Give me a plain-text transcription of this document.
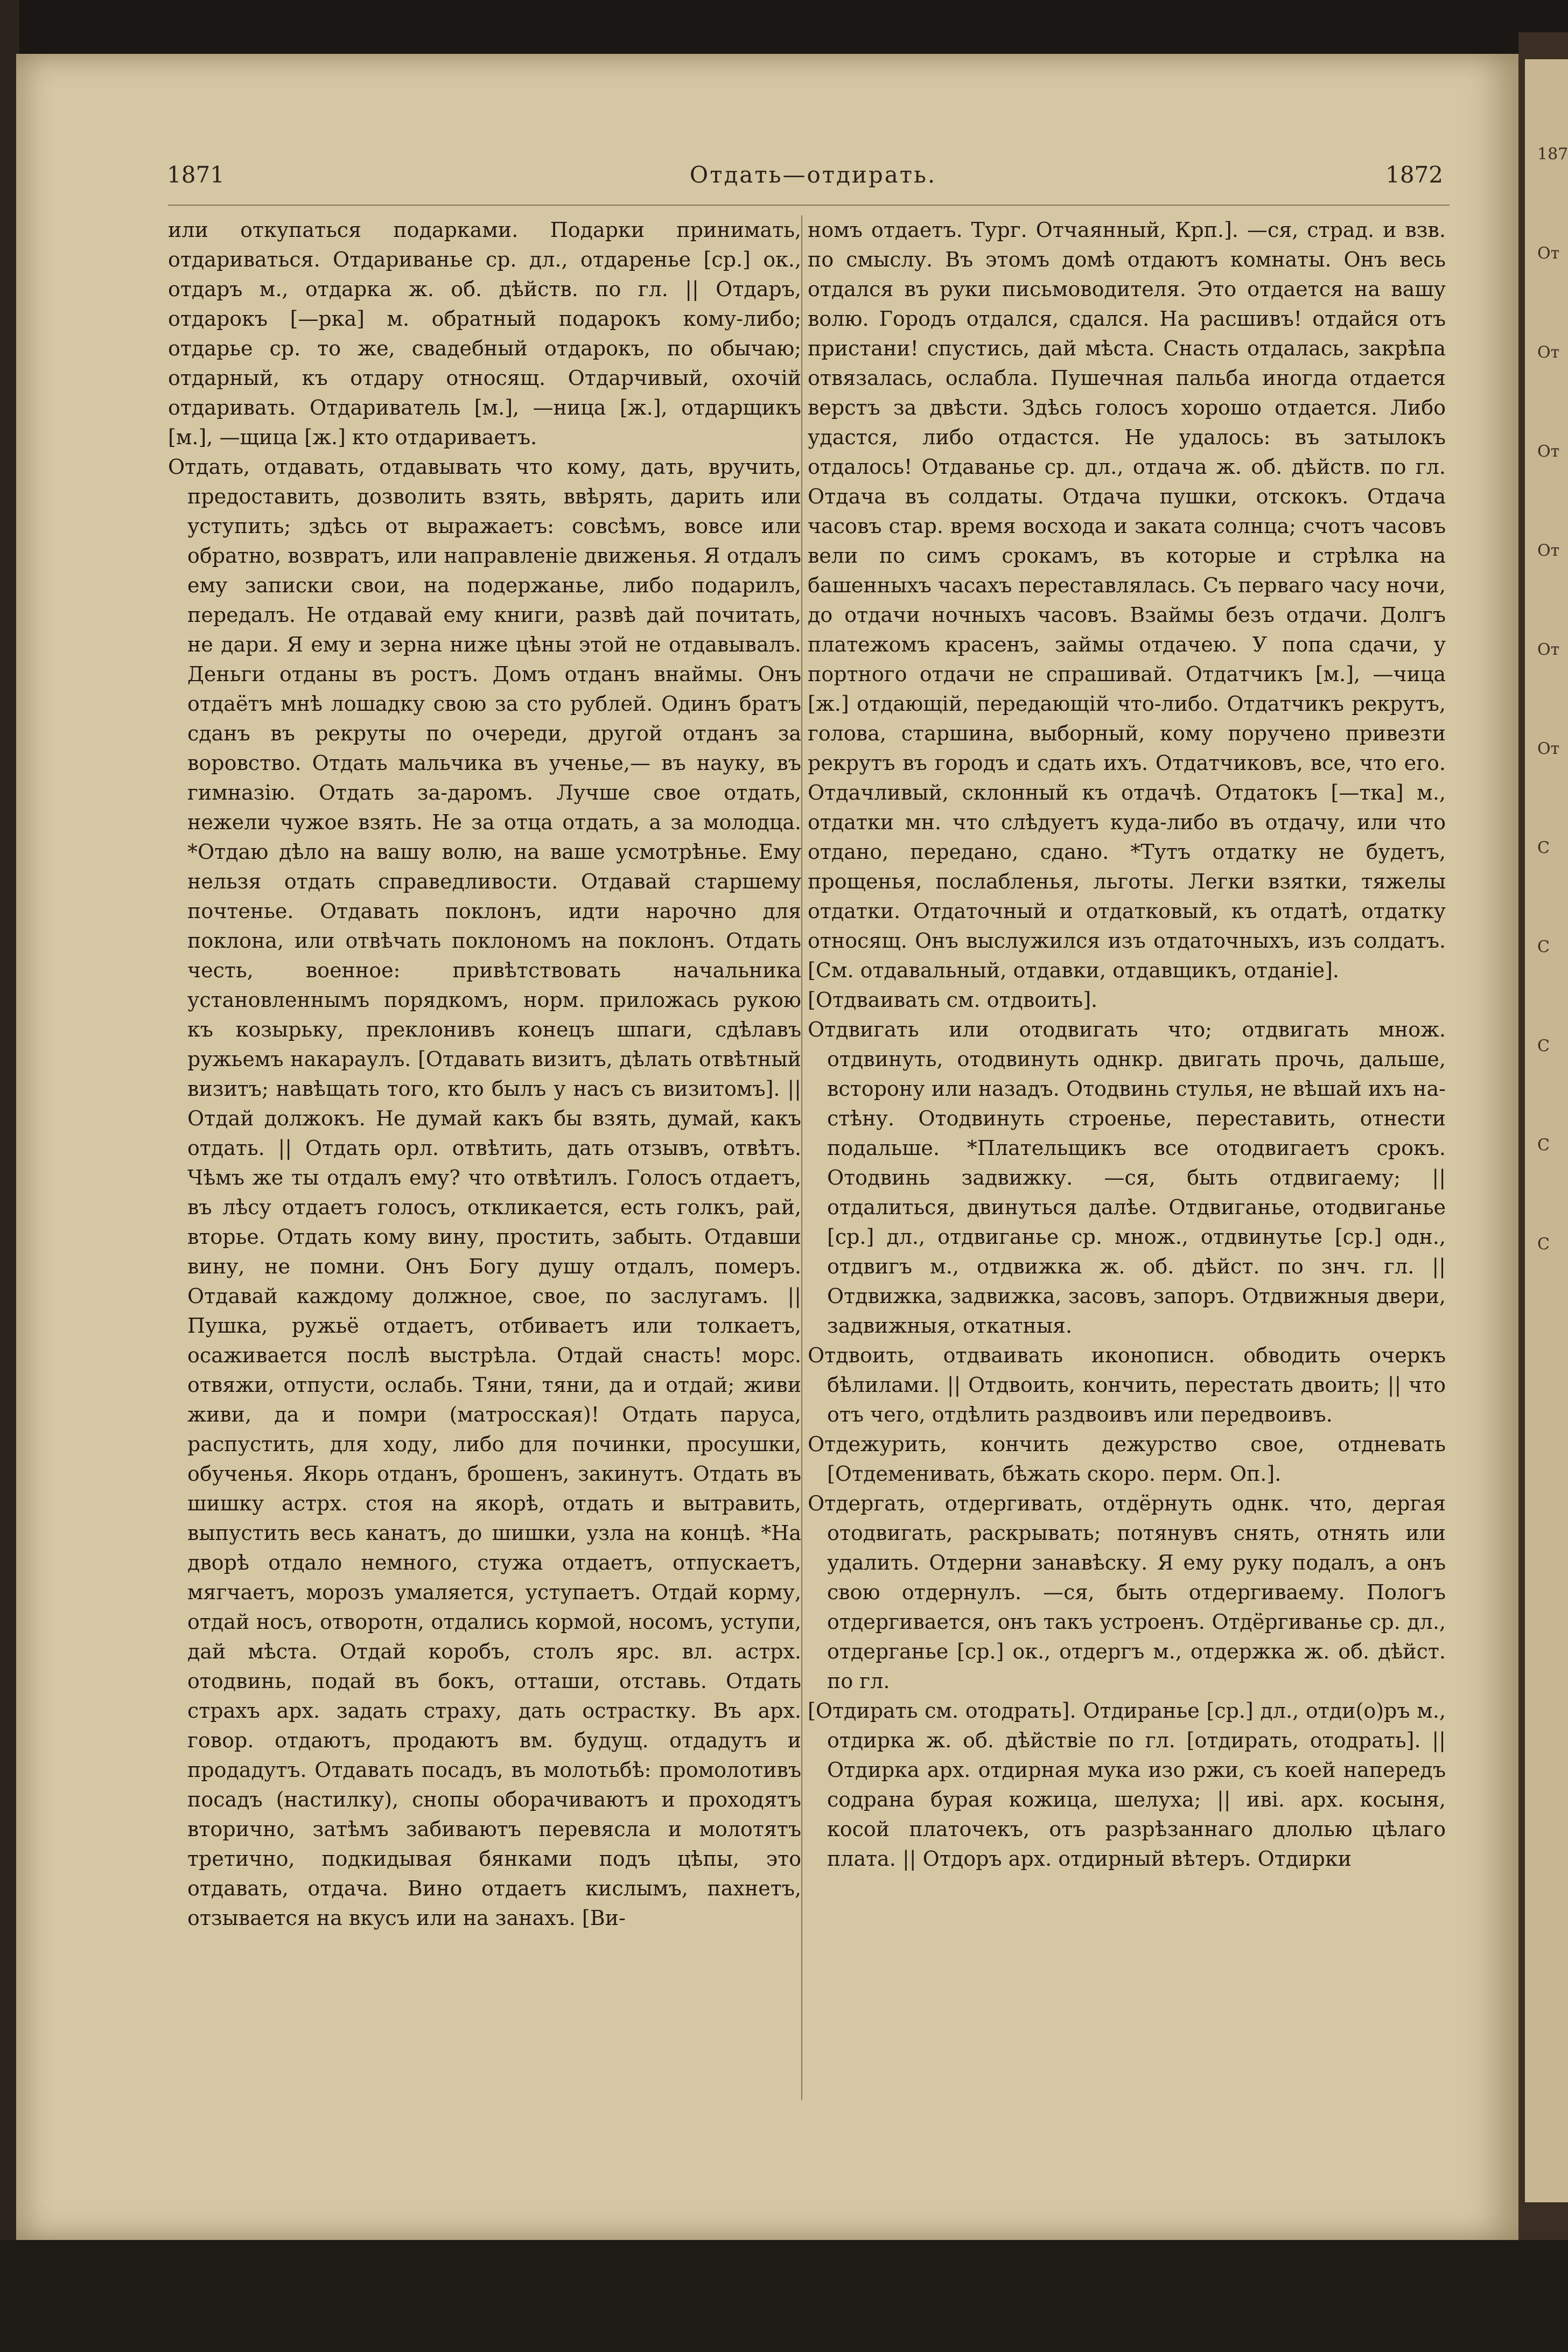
1871	Отдать—отдирать.	1872

или откупаться подарками. Подарки принимать, отдариваться. Отдариванье ср. дл., отдаренье [ср.] ок., отдаръ м., отдарка ж. об. дѣйств. по гл. || Отдаръ, отдарокъ [—рка] м. обратный подарокъ кому-либо; отдарье ср. то же, свадебный отдарокъ, по обычаю; отдарный, къ отдару относящ. Отдарчивый, охочій отдаривать. Отдариватель [м.], —ница [ж.], отдарщикъ [м.], —щица [ж.] кто отдариваетъ.

Отдать, отдавать, отдавывать что кому, дать, вручить, предоставить, дозволить взять, ввѣрять, дарить или уступить; здѣсь от выражаетъ: совсѣмъ, вовсе или обратно, возвратъ, или направленіе движенья. Я отдалъ ему записки свои, на подержанье, либо подарилъ, передалъ. Не отдавай ему книги, развѣ дай почитать, не дари. Я ему и зерна ниже цѣны этой не отдавывалъ. Деньги отданы въ ростъ. Домъ отданъ внаймы. Онъ отдаётъ мнѣ лошадку свою за сто рублей. Одинъ братъ сданъ въ рекруты по очереди, другой отданъ за воровство. Отдать мальчика въ ученье,— въ науку, въ гимназію. Отдать за-даромъ. Лучше свое отдать, нежели чужое взять. Не за отца отдать, а за молодца. *Отдаю дѣло на вашу волю, на ваше усмотрѣнье. Ему нельзя отдать справедливости. Отдавай старшему почтенье. Отдавать поклонъ, идти нарочно для поклона, или отвѣчать поклономъ на поклонъ. Отдать честь, военное: привѣтствовать начальника установленнымъ порядкомъ, норм. приложась рукою къ козырьку, преклонивъ конецъ шпаги, сдѣлавъ ружьемъ накараулъ. [Отдавать визитъ, дѣлать отвѣтный визитъ; навѣщать того, кто былъ у насъ съ визитомъ]. || Отдай должокъ. Не думай какъ бы взять, думай, какъ отдать. || Отдать орл. отвѣтить, дать отзывъ, отвѣтъ. Чѣмъ же ты отдалъ ему? что отвѣтилъ. Голосъ отдаетъ, въ лѣсу отдаетъ голосъ, откликается, есть голкъ, рай, вторье. Отдать кому вину, простить, забыть. Отдавши вину, не помни. Онъ Богу душу отдалъ, померъ. Отдавай каждому должное, свое, по заслугамъ. || Пушка, ружьё отдаетъ, отбиваетъ или толкаетъ, осаживается послѣ выстрѣла. Отдай снасть! морс. отвяжи, отпусти, ослабь. Тяни, тяни, да и отдай; живи живи, да и помри (матросская)! Отдать паруса, распустить, для ходу, либо для починки, просушки, обученья. Якорь отданъ, брошенъ, закинутъ. Отдать въ шишку астрх. стоя на якорѣ, отдать и вытравить, выпустить весь канатъ, до шишки, узла на концѣ. *На дворѣ отдало немного, стужа отдаетъ, отпускаетъ, мягчаетъ, морозъ умаляется, уступаетъ. Отдай корму, отдай носъ, отворотн, отдались кормой, носомъ, уступи, дай мѣста. Отдай коробъ, столъ ярс. вл. астрх. отодвинь, подай въ бокъ, отташи, отставь. Отдать страхъ арх. задать страху, дать острастку. Въ арх. говор. отдаютъ, продаютъ вм. будущ. отдадутъ и продадутъ. Отдавать посадъ, въ молотьбѣ: промолотивъ посадъ (настилку), снопы оборачиваютъ и проходятъ вторично, затѣмъ забиваютъ перевясла и молотятъ третично, подкидывая бянками подъ цѣпы, это отдавать, отдача. Вино отдаетъ кислымъ, пахнетъ, отзывается на вкусъ или на занахъ. [Ви-

номъ отдаетъ. Тург. Отчаянный, Крп.]. —ся, страд. и взв. по смыслу. Въ этомъ домѣ отдаютъ комнаты. Онъ весь отдался въ руки письмоводителя. Это отдается на вашу волю. Городъ отдался, сдался. На расшивъ! отдайся отъ пристани! спустись, дай мѣста. Снасть отдалась, закрѣпа отвязалась, ослабла. Пушечная пальба иногда отдается верстъ за двѣсти. Здѣсь голосъ хорошо отдается. Либо удастся, либо отдастся. Не удалось: въ затылокъ отдалось! Отдаванье ср. дл., отдача ж. об. дѣйств. по гл. Отдача въ солдаты. Отдача пушки, отскокъ. Отдача часовъ стар. время восхода и заката солнца; счотъ часовъ вели по симъ срокамъ, въ которые и стрѣлка на башенныхъ часахъ переставлялась. Съ перваго часу ночи, до отдачи ночныхъ часовъ. Взаймы безъ отдачи. Долгъ платежомъ красенъ, займы отдачею. У попа сдачи, у портного отдачи не спрашивай. Отдатчикъ [м.], —чица [ж.] отдающій, передающій что-либо. Отдатчикъ рекрутъ, голова, старшина, выборный, кому поручено привезти рекрутъ въ городъ и сдать ихъ. Отдатчиковъ, все, что его. Отдачливый, склонный къ отдачѣ. Отдатокъ [—тка] м., отдатки мн. что слѣдуетъ куда-либо въ отдачу, или что отдано, передано, сдано. *Тутъ отдатку не будетъ, прощенья, послабленья, льготы. Легки взятки, тяжелы отдатки. Отдаточный и отдатковый, къ отдатѣ, отдатку относящ. Онъ выслужился изъ отдаточныхъ, изъ солдатъ. [См. отдавальный, отдавки, отдавщикъ, отданіе].

[Отдваивать см. отдвоить].

Отдвигать или отодвигать что; отдвигать множ. отдвинуть, отодвинуть однкр. двигать прочь, дальше, всторону или назадъ. Отодвинь стулья, не вѣшай ихъ на-стѣну. Отодвинуть строенье, переставить, отнести подальше. *Плательщикъ все отодвигаетъ срокъ. Отодвинь задвижку. —ся, быть отдвигаему; || отдалиться, двинуться далѣе. Отдвиганье, отодвиганье [ср.] дл., отдвиганье ср. множ., отдвинутье [ср.] одн., отдвигъ м., отдвижка ж. об. дѣйст. по знч. гл. || Отдвижка, задвижка, засовъ, запоръ. Отдвижныя двери, задвижныя, откатныя.

Отдвоить, отдваивать иконописн. обводить очеркъ бѣлилами. || Отдвоить, кончить, перестать двоить; || что отъ чего, отдѣлить раздвоивъ или передвоивъ.

Отдежурить, кончить дежурство свое, отдневать [Отдеменивать, бѣжать скоро. перм. Оп.].

Отдергать, отдергивать, отдёрнуть однк. что, дергая отодвигать, раскрывать; потянувъ снять, отнять или удалить. Отдерни занавѣску. Я ему руку подалъ, а онъ свою отдернулъ. —ся, быть отдергиваему. Пологъ отдергивается, онъ такъ устроенъ. Отдёргиванье ср. дл., отдерганье [ср.] ок., отдергъ м., отдержка ж. об. дѣйст. по гл.

[Отдирать см. отодрать]. Отдиранье [ср.] дл., отди(о)ръ м., отдирка ж. об. дѣйствіе по гл. [отдирать, отодрать]. || Отдирка арх. отдирная мука изо ржи, съ коей напередъ содрана бурая кожица, шелуха; || иві. арх. косыня, косой платочекъ, отъ разрѣзаннаго длолью цѣлаго плата. || Отдоръ арх. отдирный вѣтеръ. Отдирки

187
От
От
От
От
От
От
С
С
С
С
С
